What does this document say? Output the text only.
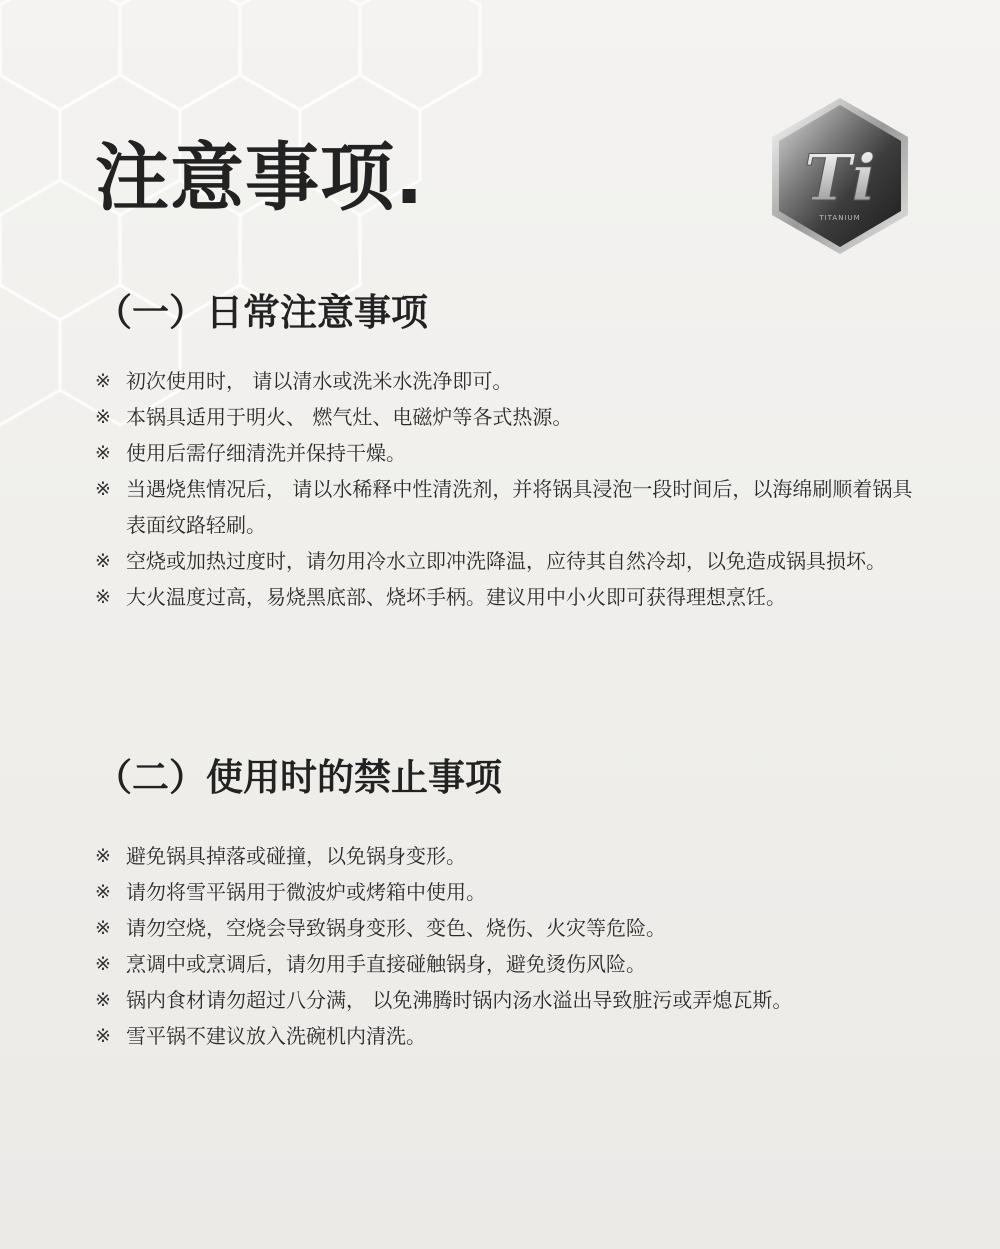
注意事项.	Ti
TITANIUM
（一）日常注意事项
※ 初次使用时， 请以清水或洗米水洗净即可。
※ 本锅具适用于明火、 燃气灶、电磁炉等各式热源。
※ 使用后需仔细清洗并保持干燥。
※ 当遇烧焦情况后， 请以水稀释中性清洗剂，并将锅具浸泡一段时间后，以海绵刷顺着锅具表面纹路轻刷。
※ 空烧或加热过度时，请勿用冷水立即冲洗降温，应待其自然冷却，以免造成锅具损坏。
※ 大火温度过高，易烧黑底部、烧坏手柄。建议用中小火即可获得理想烹饪。
（二）使用时的禁止事项
※ 避免锅具掉落或碰撞，以免锅身变形。
※ 请勿将雪平锅用于微波炉或烤箱中使用。
※ 请勿空烧，空烧会导致锅身变形、变色、烧伤、火灾等危险。
※ 烹调中或烹调后，请勿用手直接碰触锅身，避免烫伤风险。
※ 锅内食材请勿超过八分满， 以免沸腾时锅内汤水溢出导致脏污或弄熄瓦斯。
※ 雪平锅不建议放入洗碗机内清洗。
